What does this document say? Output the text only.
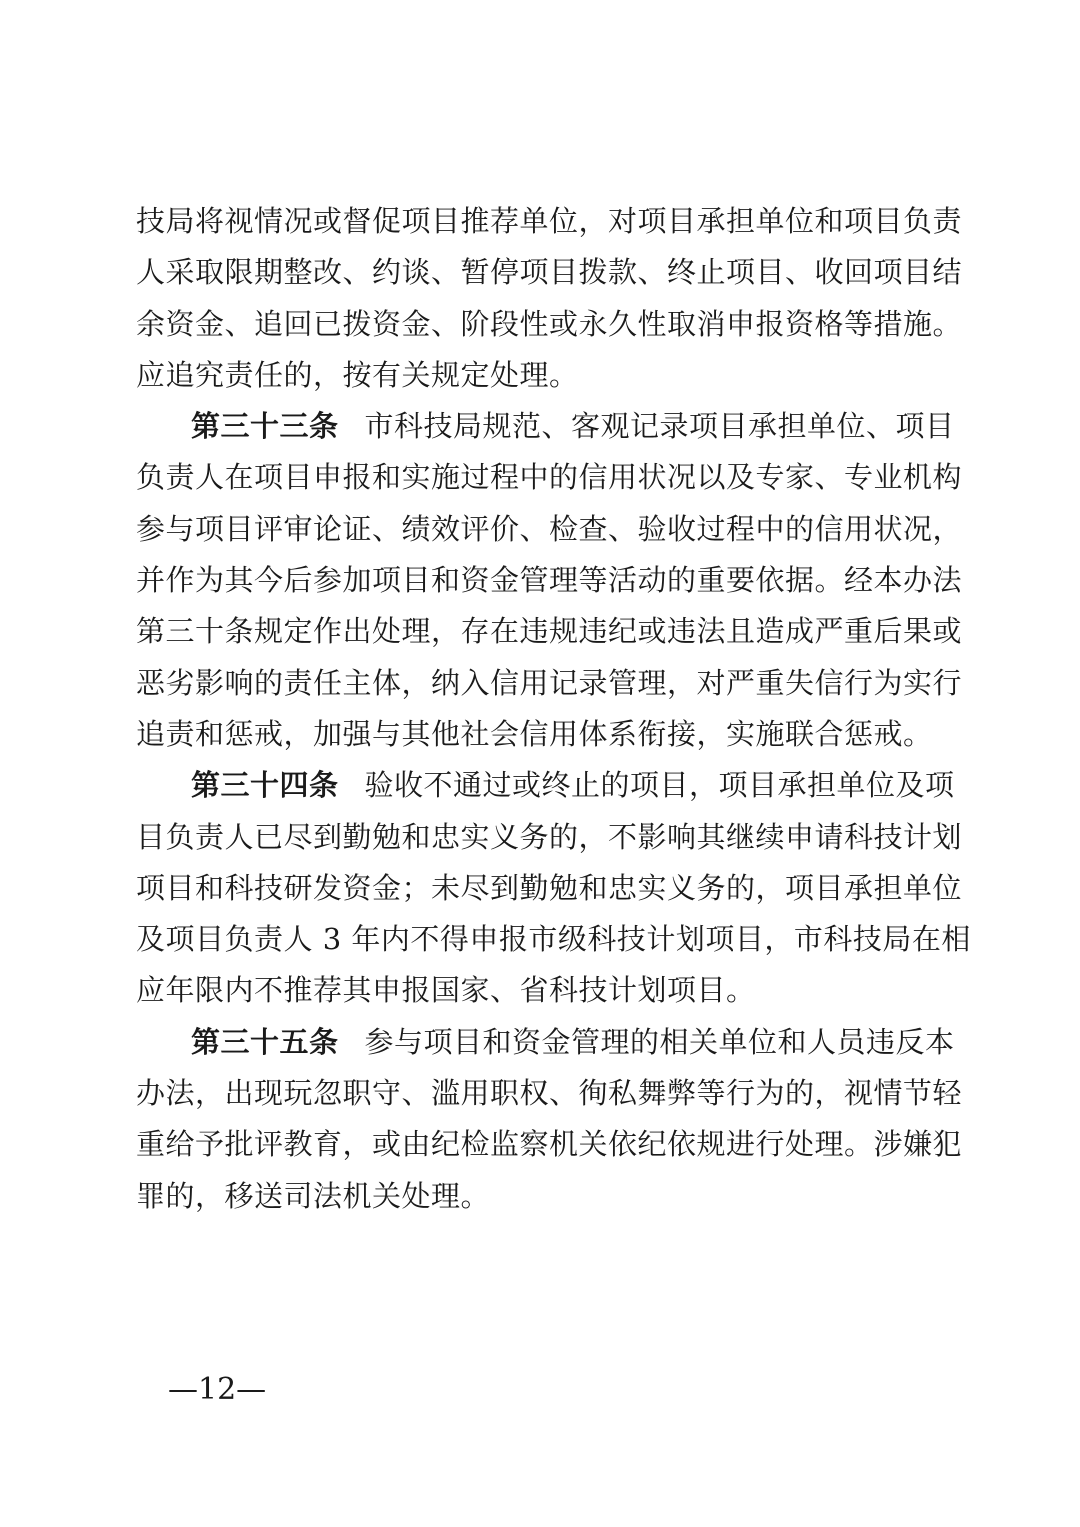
技局将视情况或督促项目推荐单位，对项目承担单位和项目负责
人采取限期整改、约谈、暂停项目拨款、终止项目、收回项目结
余资金、追回已拨资金、阶段性或永久性取消申报资格等措施。
应追究责任的，按有关规定处理。
第三十三条 市科技局规范、客观记录项目承担单位、项目
负责人在项目申报和实施过程中的信用状况以及专家、专业机构
参与项目评审论证、绩效评价、检查、验收过程中的信用状况，
并作为其今后参加项目和资金管理等活动的重要依据。经本办法
第三十条规定作出处理，存在违规违纪或违法且造成严重后果或
恶劣影响的责任主体，纳入信用记录管理，对严重失信行为实行
追责和惩戒，加强与其他社会信用体系衔接，实施联合惩戒。
第三十四条 验收不通过或终止的项目，项目承担单位及项
目负责人已尽到勤勉和忠实义务的，不影响其继续申请科技计划
项目和科技研发资金；未尽到勤勉和忠实义务的，项目承担单位
及项目负责人 3 年内不得申报市级科技计划项目，市科技局在相
应年限内不推荐其申报国家、省科技计划项目。
第三十五条 参与项目和资金管理的相关单位和人员违反本
办法，出现玩忽职守、滥用职权、徇私舞弊等行为的，视情节轻
重给予批评教育，或由纪检监察机关依纪依规进行处理。涉嫌犯
罪的，移送司法机关处理。
—12—
